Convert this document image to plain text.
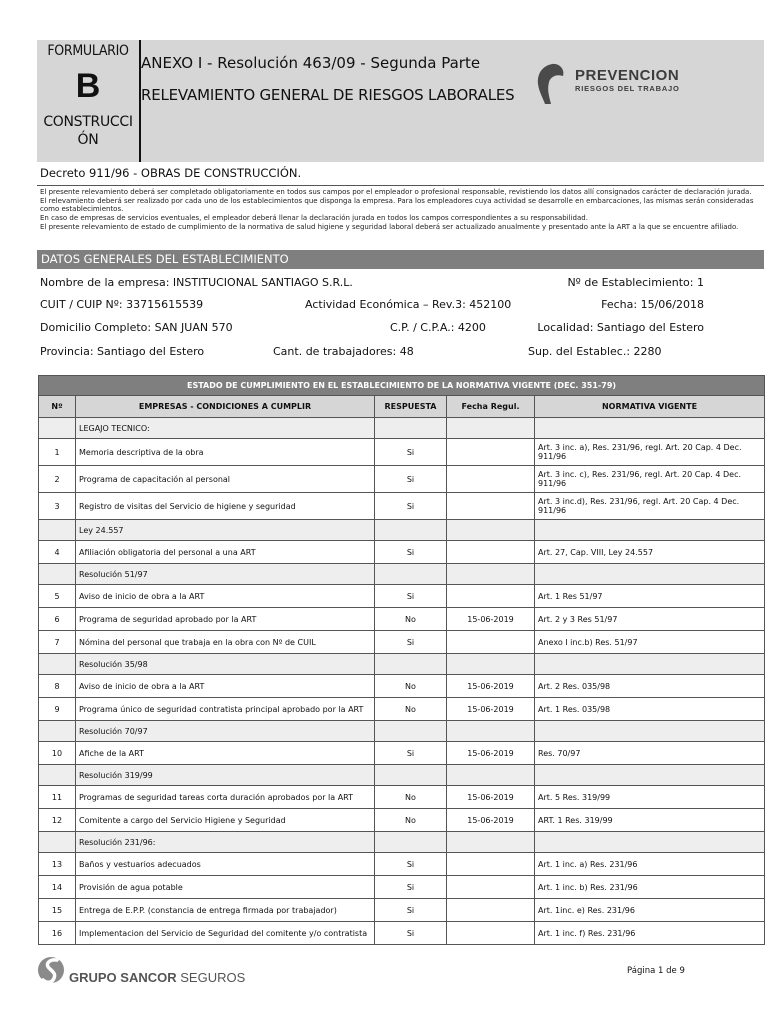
FORMULARIO
B
CONSTRUCCIÓN
ANEXO I - Resolución 463/09 - Segunda Parte
RELEVAMIENTO GENERAL DE RIESGOS LABORALES
PREVENCION
RIESGOS DEL TRABAJO
Decreto 911/96 - OBRAS DE CONSTRUCCIÓN.

El presente relevamiento deberá ser completado obligatoriamente en todos sus campos por el empleador o profesional responsable, revistiendo los datos allí consignados carácter de declaración jurada.

El relevamiento deberá ser realizado por cada uno de los establecimientos que disponga la empresa. Para los empleadores cuya actividad se desarrolle en embarcaciones, las mismas serán consideradas como establecimientos.

En caso de empresas de servicios eventuales, el empleador deberá llenar la declaración jurada en todos los campos correspondientes a su responsabilidad.

El presente relevamiento de estado de cumplimiento de la normativa de salud higiene y seguridad laboral deberá ser actualizado anualmente y presentado ante la ART a la que se encuentre afiliado.

DATOS GENERALES DEL ESTABLECIMIENTO
Nombre de la empresa: INSTITUCIONAL SANTIAGO S.R.L.	Nº de Establecimiento: 1
CUIT / CUIP Nº: 33715615539	Actividad Económica – Rev.3: 452100	Fecha: 15/06/2018
Domicilio Completo: SAN JUAN 570	C.P. / C.P.A.: 4200	Localidad: Santiago del Estero
Provincia: Santiago del Estero	Cant. de trabajadores: 48	Sup. del Establec.: 2280
ESTADO DE CUMPLIMIENTO EN EL ESTABLECIMIENTO DE LA NORMATIVA VIGENTE (DEC. 351-79)				
Nº	EMPRESAS - CONDICIONES A CUMPLIR	RESPUESTA	Fecha Regul.	NORMATIVA VIGENTE
	LEGAJO TECNICO:			
1	Memoria descriptiva de la obra	Si		Art. 3 inc. a), Res. 231/96, regl. Art. 20 Cap. 4 Dec. 911/96
2	Programa de capacitación al personal	Si		Art. 3 inc. c), Res. 231/96, regl. Art. 20 Cap. 4 Dec. 911/96
3	Registro de visitas del Servicio de higiene y seguridad	Si		Art. 3 inc.d), Res. 231/96, regl. Art. 20 Cap. 4 Dec. 911/96
	Ley 24.557			
4	Afiliación obligatoria del personal a una ART	Si		Art. 27, Cap. VIII, Ley 24.557
	Resolución 51/97			
5	Aviso de inicio de obra a la ART	Si		Art. 1 Res 51/97
6	Programa de seguridad aprobado por la ART	No	15-06-2019	Art. 2 y 3 Res 51/97
7	Nómina del personal que trabaja en la obra con Nº de CUIL	Si		Anexo I inc.b) Res. 51/97
	Resolución 35/98			
8	Aviso de inicio de obra a la ART	No	15-06-2019	Art. 2 Res. 035/98
9	Programa único de seguridad contratista principal aprobado por la ART	No	15-06-2019	Art. 1 Res. 035/98
	Resolución 70/97			
10	Afiche de la ART	Si	15-06-2019	Res. 70/97
	Resolución 319/99			
11	Programas de seguridad tareas corta duración aprobados por la ART	No	15-06-2019	Art. 5 Res. 319/99
12	Comitente a cargo del Servicio Higiene y Seguridad	No	15-06-2019	ART. 1 Res. 319/99
	Resolución 231/96:			
13	Baños y vestuarios adecuados	Si		Art. 1 inc. a) Res. 231/96
14	Provisión de agua potable	Si		Art. 1 inc. b) Res. 231/96
15	Entrega de E.P.P. (constancia de entrega firmada por trabajador)	Si		Art. 1inc. e) Res. 231/96
16	Implementacion del Servicio de Seguridad del comitente y/o contratista	Si		Art. 1 inc. f) Res. 231/96
GRUPO SANCOR SEGUROS	Página 1 de 9
